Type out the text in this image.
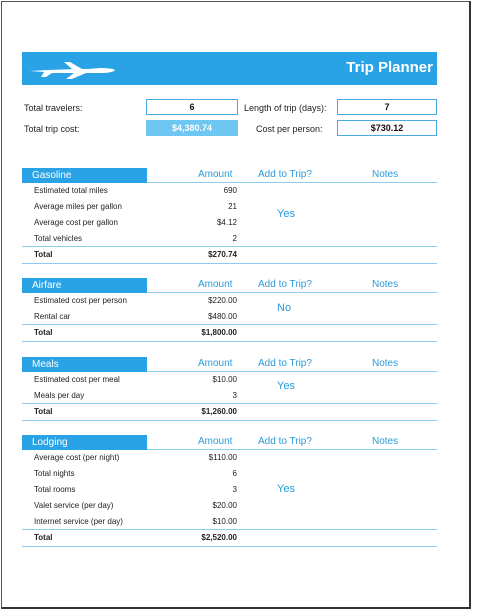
Trip Planner
Total travelers:	6	Length of trip (days):	7
Total trip cost:	$4,380.74	Cost per person:	$730.12
Gasoline	Amount	Add to Trip?	Notes
Estimated total miles	690
Average miles per gallon	21
Average cost per gallon	$4.12
Total vehicles	2
Total	$270.74
Yes
Airfare	Amount	Add to Trip?	Notes
Estimated cost per person	$220.00
Rental car	$480.00
Total	$1,800.00
No
Meals	Amount	Add to Trip?	Notes
Estimated cost per meal	$10.00
Meals per day	3
Total	$1,260.00
Yes
Lodging	Amount	Add to Trip?	Notes
Average cost (per night)	$110.00
Total nights	6
Total rooms	3
Valet service (per day)	$20.00
Internet service (per day)	$10.00
Total	$2,520.00
Yes
